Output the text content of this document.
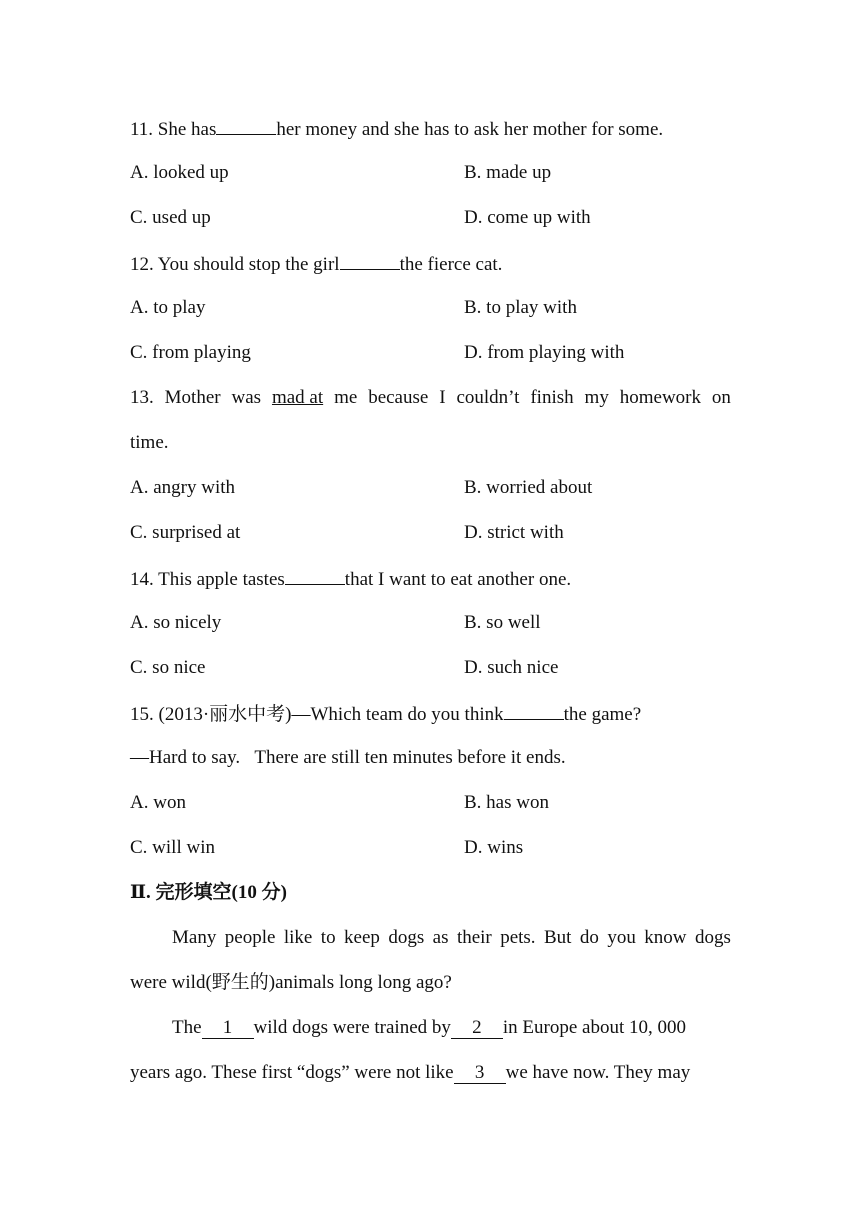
11. She has	her money and she has to ask her mother for some.
A. looked up	B. made up
C. used up	D. come up with
12. You should stop the girl	the fierce cat.
A. to play	B. to play with
C. from playing	D. from playing with
13. Mother was mad at me because I couldn’t finish my homework on
time.
A. angry with	B. worried about
C. surprised at	D. strict with
14. This apple tastes	that I want to eat another one.
A. so nicely	B. so well
C. so nice	D. such nice
15. (2013·丽水中考)—Which team do you think	the game?
—Hard to say.   There are still ten minutes before it ends.
A. won	B. has won
C. will win	D. wins
Ⅱ. 完形填空(10 分)
Many people like to keep dogs as their pets. But do you know dogs
were wild(野生的)animals long long ago?
The 1 wild dogs were trained by 2 in Europe about 10, 000
years ago. These first “dogs” were not like 3 we have now. They may
